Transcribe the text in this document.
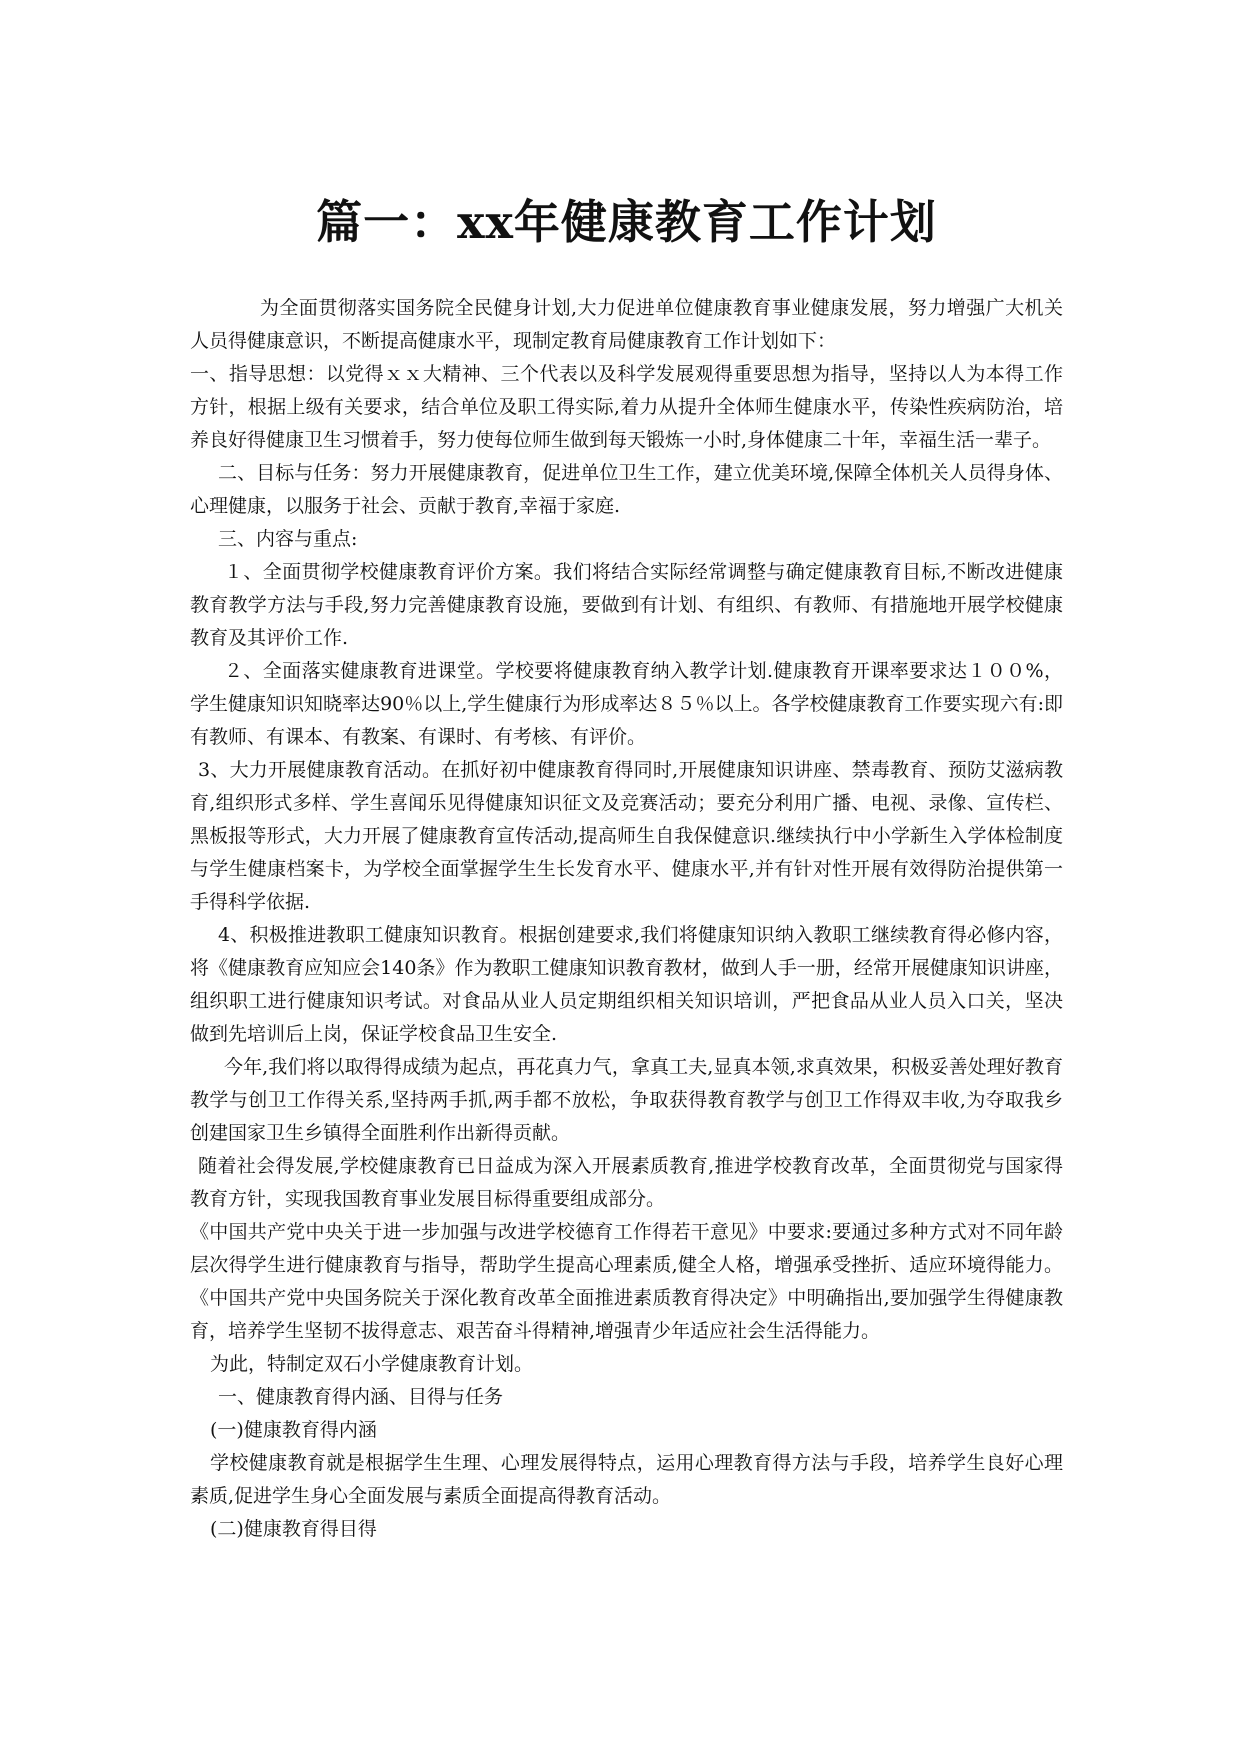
篇一：xx年健康教育工作计划

为全面贯彻落实国务院全民健身计划,大力促进单位健康教育事业健康发展，努力增强广大机关人员得健康意识，不断提高健康水平，现制定教育局健康教育工作计划如下：

一、指导思想：以党得ｘｘ大精神、三个代表以及科学发展观得重要思想为指导，坚持以人为本得工作方针，根据上级有关要求，结合单位及职工得实际,着力从提升全体师生健康水平，传染性疾病防治，培养良好得健康卫生习惯着手，努力使每位师生做到每天锻炼一小时,身体健康二十年，幸福生活一辈子。

二、目标与任务：努力开展健康教育，促进单位卫生工作，建立优美环境,保障全体机关人员得身体、心理健康，以服务于社会、贡献于教育,幸福于家庭.

三、内容与重点:

１、全面贯彻学校健康教育评价方案。我们将结合实际经常调整与确定健康教育目标,不断改进健康教育教学方法与手段,努力完善健康教育设施，要做到有计划、有组织、有教师、有措施地开展学校健康教育及其评价工作.

２、全面落实健康教育进课堂。学校要将健康教育纳入教学计划.健康教育开课率要求达１００%，学生健康知识知晓率达90％以上,学生健康行为形成率达８５％以上。各学校健康教育工作要实现六有:即有教师、有课本、有教案、有课时、有考核、有评价。

3、大力开展健康教育活动。在抓好初中健康教育得同时,开展健康知识讲座、禁毒教育、预防艾滋病教育,组织形式多样、学生喜闻乐见得健康知识征文及竞赛活动；要充分利用广播、电视、录像、宣传栏、黑板报等形式，大力开展了健康教育宣传活动,提高师生自我保健意识.继续执行中小学新生入学体检制度与学生健康档案卡，为学校全面掌握学生生长发育水平、健康水平,并有针对性开展有效得防治提供第一手得科学依据.

4、积极推进教职工健康知识教育。根据创建要求,我们将健康知识纳入教职工继续教育得必修内容，将《健康教育应知应会140条》作为教职工健康知识教育教材，做到人手一册，经常开展健康知识讲座，组织职工进行健康知识考试。对食品从业人员定期组织相关知识培训，严把食品从业人员入口关，坚决做到先培训后上岗，保证学校食品卫生安全.

今年,我们将以取得得成绩为起点，再花真力气，拿真工夫,显真本领,求真效果，积极妥善处理好教育教学与创卫工作得关系,坚持两手抓,两手都不放松，争取获得教育教学与创卫工作得双丰收,为夺取我乡创建国家卫生乡镇得全面胜利作出新得贡献。

随着社会得发展,学校健康教育已日益成为深入开展素质教育,推进学校教育改革，全面贯彻党与国家得教育方针，实现我国教育事业发展目标得重要组成部分。

《中国共产党中央关于进一步加强与改进学校德育工作得若干意见》中要求:要通过多种方式对不同年龄层次得学生进行健康教育与指导，帮助学生提高心理素质,健全人格，增强承受挫折、适应环境得能力。《中国共产党中央国务院关于深化教育改革全面推进素质教育得决定》中明确指出,要加强学生得健康教育，培养学生坚韧不拔得意志、艰苦奋斗得精神,增强青少年适应社会生活得能力。

为此，特制定双石小学健康教育计划。

一、健康教育得内涵、目得与任务

(一)健康教育得内涵

学校健康教育就是根据学生生理、心理发展得特点，运用心理教育得方法与手段，培养学生良好心理素质,促进学生身心全面发展与素质全面提高得教育活动。

(二)健康教育得目得
